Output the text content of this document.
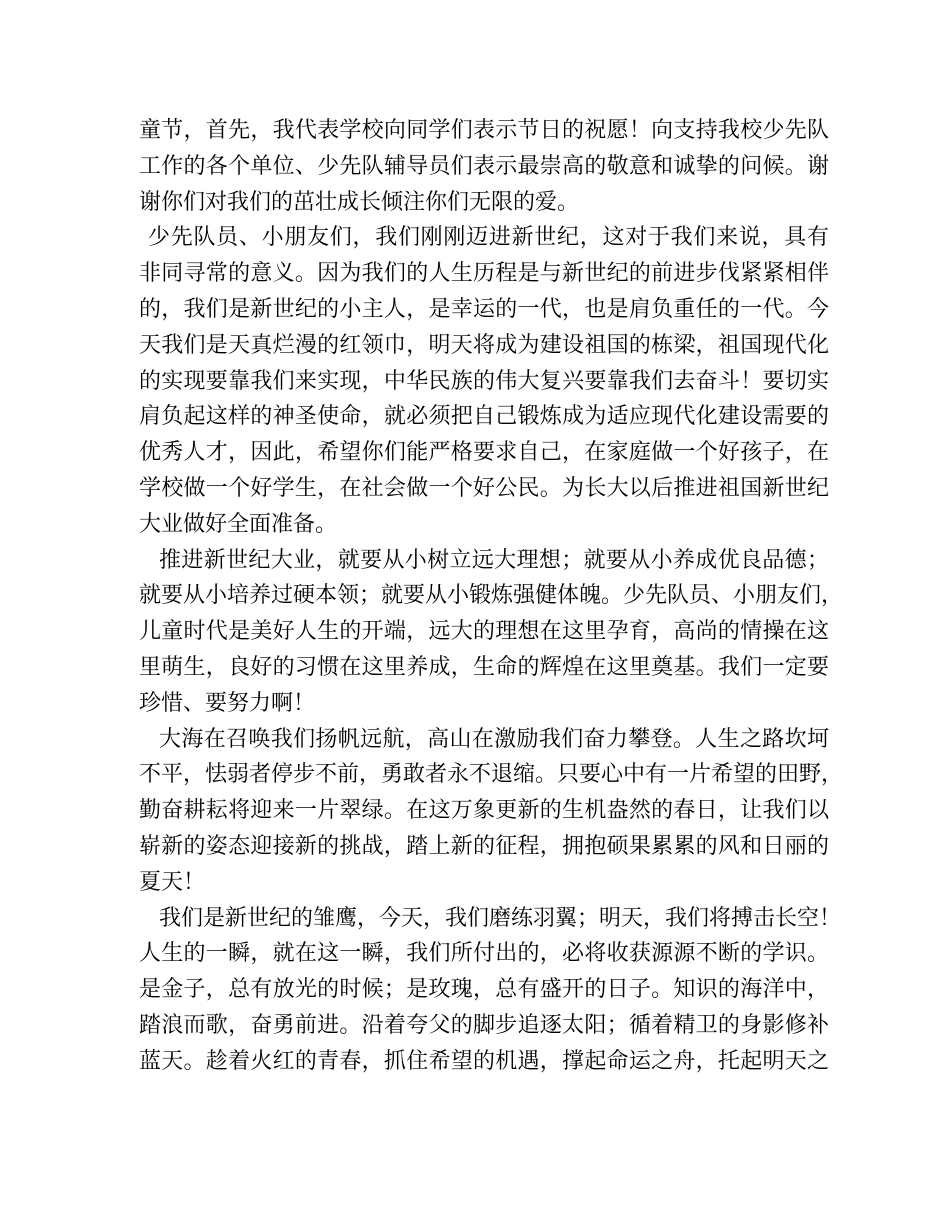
童节，首先，我代表学校向同学们表示节日的祝愿！向支持我校少先队
工作的各个单位、少先队辅导员们表示最崇高的敬意和诚挚的问候。谢
谢你们对我们的茁壮成长倾注你们无限的爱。
少先队员、小朋友们，我们刚刚迈进新世纪，这对于我们来说，具有
非同寻常的意义。因为我们的人生历程是与新世纪的前进步伐紧紧相伴
的，我们是新世纪的小主人，是幸运的一代，也是肩负重任的一代。今
天我们是天真烂漫的红领巾，明天将成为建设祖国的栋梁，祖国现代化
的实现要靠我们来实现，中华民族的伟大复兴要靠我们去奋斗！要切实
肩负起这样的神圣使命，就必须把自己锻炼成为适应现代化建设需要的
优秀人才，因此，希望你们能严格要求自己，在家庭做一个好孩子，在
学校做一个好学生，在社会做一个好公民。为长大以后推进祖国新世纪
大业做好全面准备。
推进新世纪大业，就要从小树立远大理想；就要从小养成优良品德；
就要从小培养过硬本领；就要从小锻炼强健体魄。少先队员、小朋友们，
儿童时代是美好人生的开端，远大的理想在这里孕育，高尚的情操在这
里萌生，良好的习惯在这里养成，生命的辉煌在这里奠基。我们一定要
珍惜、要努力啊！
大海在召唤我们扬帆远航，高山在激励我们奋力攀登。人生之路坎坷
不平，怯弱者停步不前，勇敢者永不退缩。只要心中有一片希望的田野，
勤奋耕耘将迎来一片翠绿。在这万象更新的生机盎然的春日，让我们以
崭新的姿态迎接新的挑战，踏上新的征程，拥抱硕果累累的风和日丽的
夏天！
我们是新世纪的雏鹰，今天，我们磨练羽翼；明天，我们将搏击长空！
人生的一瞬，就在这一瞬，我们所付出的，必将收获源源不断的学识。
是金子，总有放光的时候；是玫瑰，总有盛开的日子。知识的海洋中，
踏浪而歌，奋勇前进。沿着夸父的脚步追逐太阳；循着精卫的身影修补
蓝天。趁着火红的青春，抓住希望的机遇，撑起命运之舟，托起明天之
